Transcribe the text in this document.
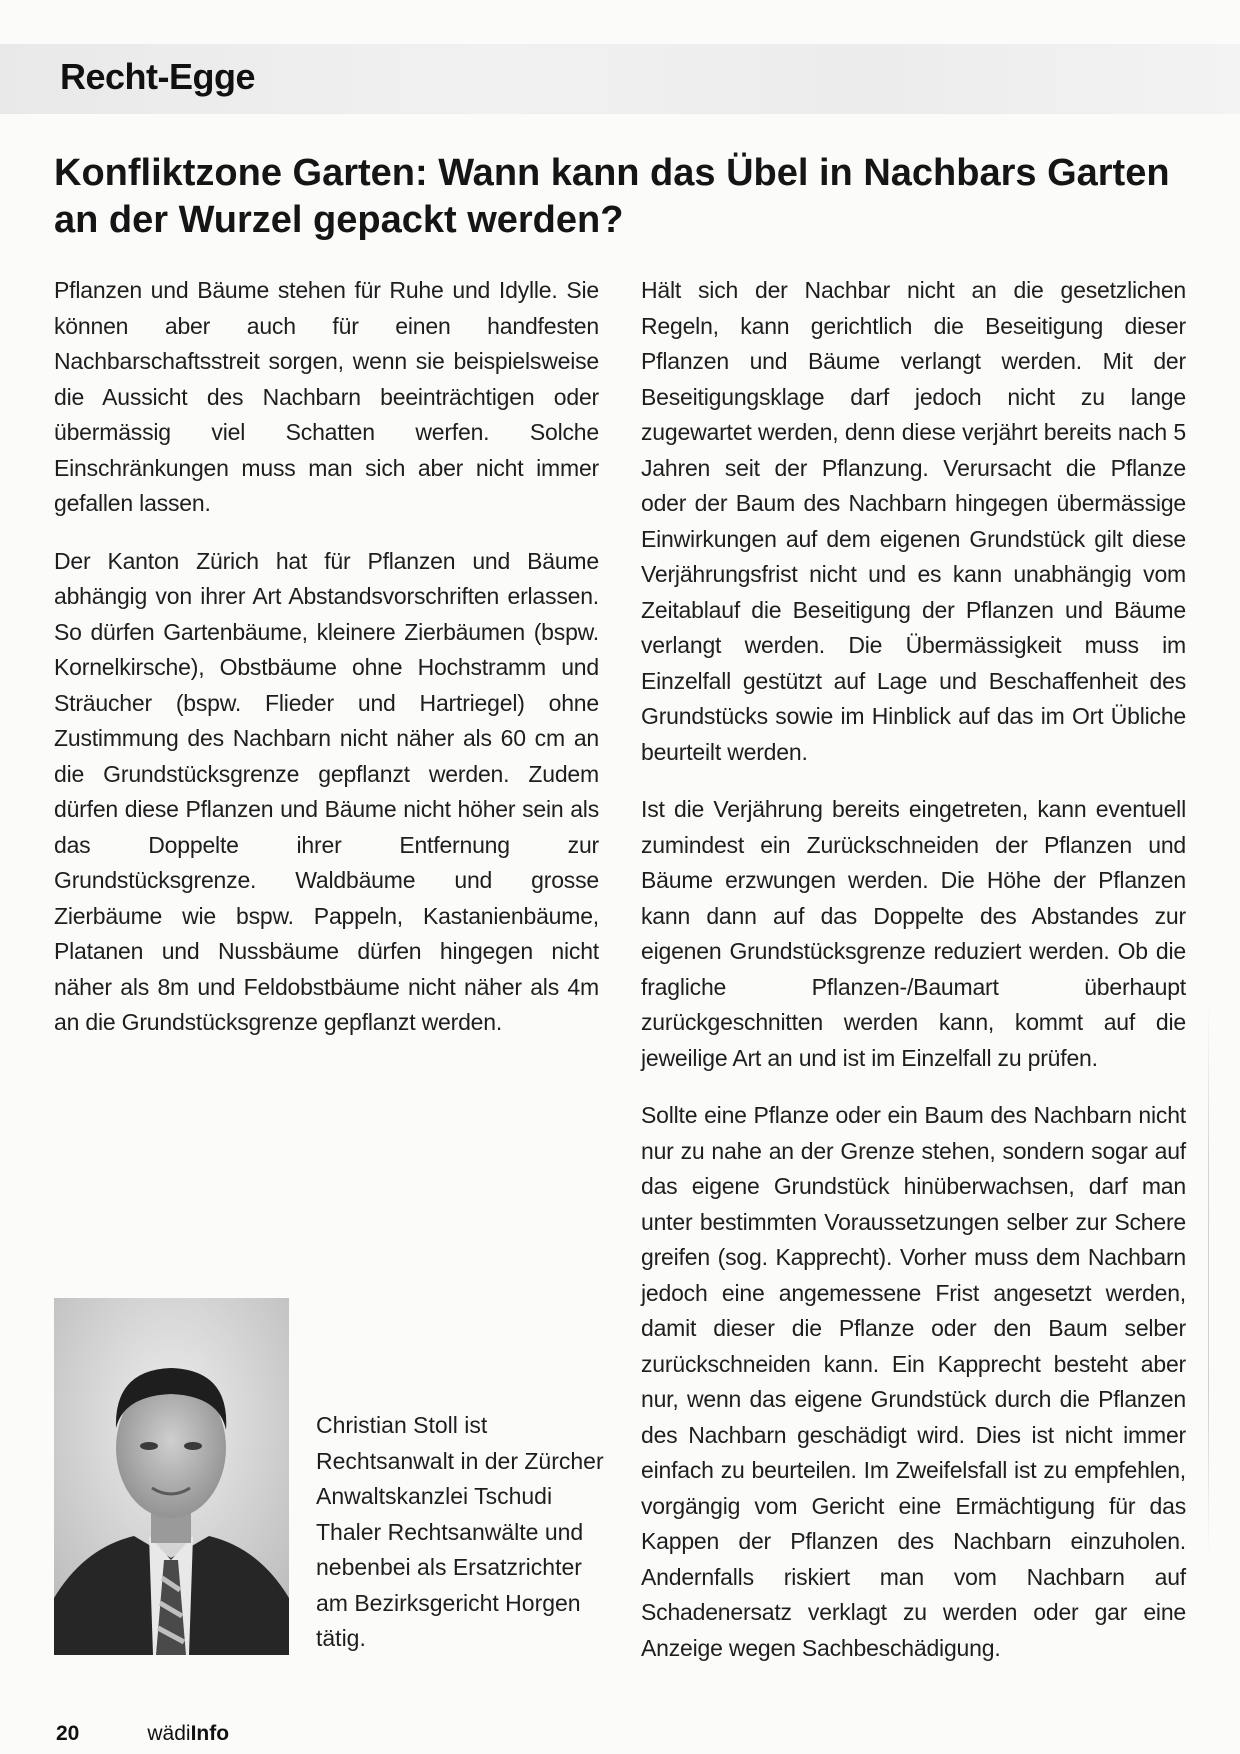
Recht-Egge
Konfliktzone Garten: Wann kann das Übel in Nachbars Garten an der Wurzel gepackt werden?

Pflanzen und Bäume stehen für Ruhe und Idylle. Sie können aber auch für einen handfesten Nachbarschaftsstreit sorgen, wenn sie beispielsweise die Aussicht des Nachbarn beeinträchtigen oder übermässig viel Schatten werfen. Solche Einschränkungen muss man sich aber nicht immer gefallen lassen.

Der Kanton Zürich hat für Pflanzen und Bäume abhängig von ihrer Art Abstandsvorschriften erlassen. So dürfen Gartenbäume, kleinere Zierbäumen (bspw. Kornelkirsche), Obstbäume ohne Hochstramm und Sträucher (bspw. Flieder und Hartriegel) ohne Zustimmung des Nachbarn nicht näher als 60 cm an die Grundstücksgrenze gepflanzt werden. Zudem dürfen diese Pflanzen und Bäume nicht höher sein als das Doppelte ihrer Entfernung zur Grundstücksgrenze. Waldbäume und grosse Zierbäume wie bspw. Pappeln, Kastanienbäume, Platanen und Nussbäume dürfen hingegen nicht näher als 8m und Feldobstbäume nicht näher als 4m an die Grundstücksgrenze gepflanzt werden.

Hält sich der Nachbar nicht an die gesetzlichen Regeln, kann gerichtlich die Beseitigung dieser Pflanzen und Bäume verlangt werden. Mit der Beseitigungsklage darf jedoch nicht zu lange zugewartet werden, denn diese verjährt bereits nach 5 Jahren seit der Pflanzung. Verursacht die Pflanze oder der Baum des Nachbarn hingegen übermässige Einwirkungen auf dem eigenen Grundstück gilt diese Verjährungsfrist nicht und es kann unabhängig vom Zeitablauf die Beseitigung der Pflanzen und Bäume verlangt werden. Die Übermässigkeit muss im Einzelfall gestützt auf Lage und Beschaffenheit des Grundstücks sowie im Hinblick auf das im Ort Übliche beurteilt werden.

Ist die Verjährung bereits eingetreten, kann eventuell zumindest ein Zurückschneiden der Pflanzen und Bäume erzwungen werden. Die Höhe der Pflanzen kann dann auf das Doppelte des Abstandes zur eigenen Grundstücksgrenze reduziert werden. Ob die fragliche Pflanzen-/Baumart überhaupt zurückgeschnitten werden kann, kommt auf die jeweilige Art an und ist im Einzelfall zu prüfen.

Sollte eine Pflanze oder ein Baum des Nachbarn nicht nur zu nahe an der Grenze stehen, sondern sogar auf das eigene Grundstück hinüberwachsen, darf man unter bestimmten Voraussetzungen selber zur Schere greifen (sog. Kapprecht). Vorher muss dem Nachbarn jedoch eine angemessene Frist angesetzt werden, damit dieser die Pflanze oder den Baum selber zurückschneiden kann. Ein Kapprecht besteht aber nur, wenn das eigene Grundstück durch die Pflanzen des Nachbarn geschädigt wird. Dies ist nicht immer einfach zu beurteilen. Im Zweifelsfall ist zu empfehlen, vorgängig vom Gericht eine Ermächtigung für das Kappen der Pflanzen des Nachbarn einzuholen. Andernfalls riskiert man vom Nachbarn auf Schadenersatz verklagt zu werden oder gar eine Anzeige wegen Sachbeschädigung.

Christian Stoll ist Rechtsanwalt in der Zürcher Anwaltskanzlei Tschudi Thaler Rechtsanwälte und nebenbei als Ersatzrichter am Bezirksgericht Horgen tätig.

20	wädi Info
